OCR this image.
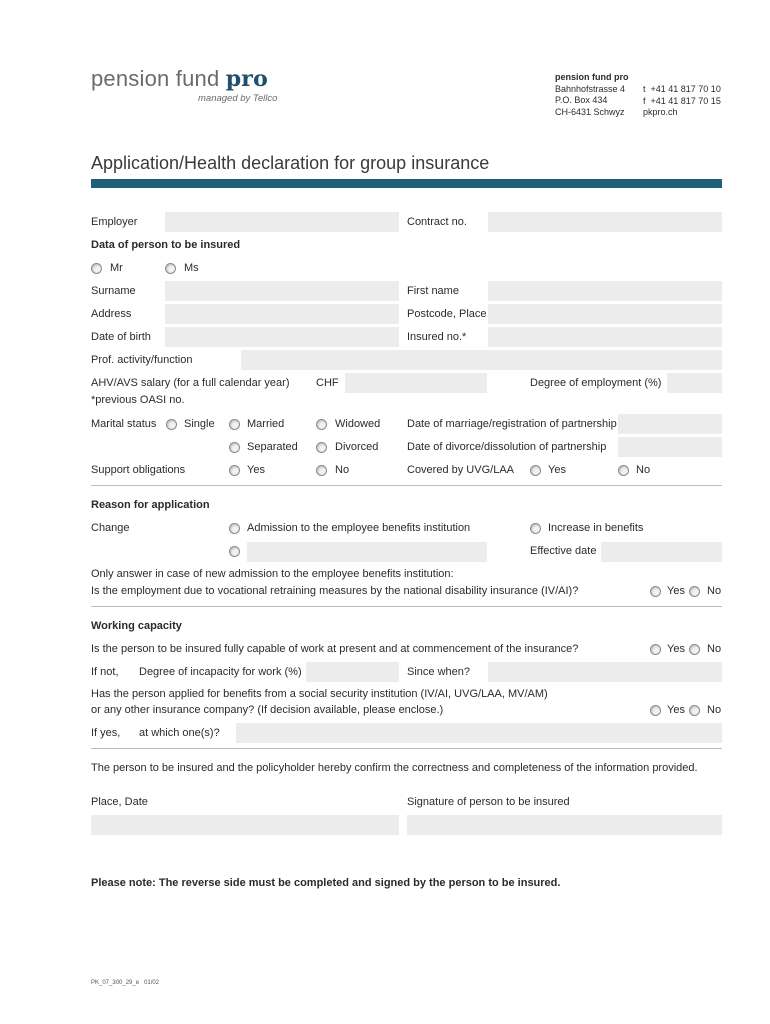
pension fund pro
managed by Tellco
pension fund pro
Bahnhofstrasse 4
P.O. Box 434
CH-6431 Schwyz
t  +41 41 817 70 10
f  +41 41 817 70 15
pkpro.ch
Application/Health declaration for group insurance
Employer	Contract no.
Data of person to be insured
Mr	Ms
Surname	First name
Address	Postcode, Place
Date of birth	Insured no.*
Prof. activity/function
AHV/AVS salary (for a full calendar year) CHF	Degree of employment (%)
*previous OASI no.
Marital status	Single	Married	Widowed Date of marriage/registration of partnership
Separated	Divorced	Date of divorce/dissolution of partnership
Support obligations	Yes	No	Covered by UVG/LAA	Yes	No
Reason for application
Change	Admission to the employee benefits institution	Increase in benefits
Effective date
Only answer in case of new admission to the employee benefits institution:
Is the employment due to vocational retraining measures by the national disability insurance (IV/AI)?	Yes No
Working capacity
Is the person to be insured fully capable of work at present and at commencement of the insurance?	Yes No
If not, Degree of incapacity for work (%)	Since when?
Has the person applied for benefits from a social security institution (IV/AI, UVG/LAA, MV/AM)
or any other insurance company? (If decision available, please enclose.)	Yes No
If yes, at which one(s)?
The person to be insured and the policyholder hereby confirm the correctness and completeness of the information provided.
Place, Date	Signature of person to be insured
Please note: The reverse side must be completed and signed by the person to be insured.
PK_07_300_29_e   01/02
